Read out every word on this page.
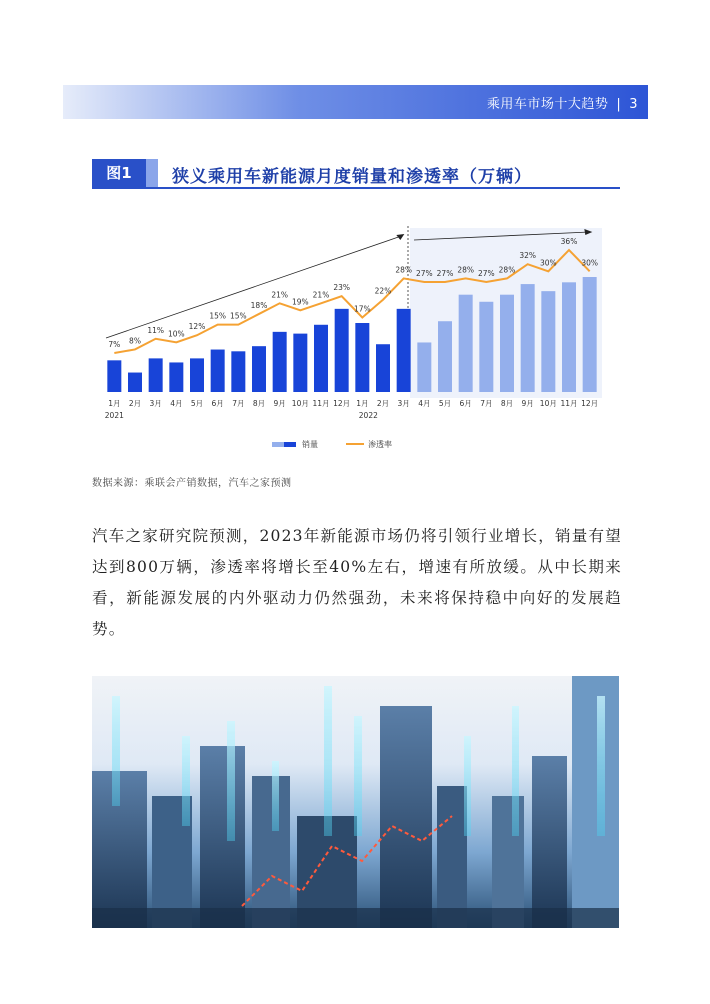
乘用车市场十大趋势 | 3
图1	狭义乘用车新能源月度销量和渗透率（万辆）
7% 8%
11% 10%
12%
15% 15%
18%
21%
19%
21%
23%
17%
22%
28% 27% 27% 28% 27% 28%
32%
30%
36%
30%
1月 2月 3月 4月 5月 6月 7月 8月 9月 10月 11月 12月 1月 2月 3月 4月 5月 6月 7月 8月 9月 10月 11月 12月
2021	2022
销量	渗透率
数据来源：乘联会产销数据，汽车之家预测
汽车之家研究院预测，2023年新能源市场仍将引领行业增长，销量有望达到800万辆，渗透率将增长至40%左右，增速有所放缓。从中长期来看，新能源发展的内外驱动力仍然强劲，未来将保持稳中向好的发展趋势。
